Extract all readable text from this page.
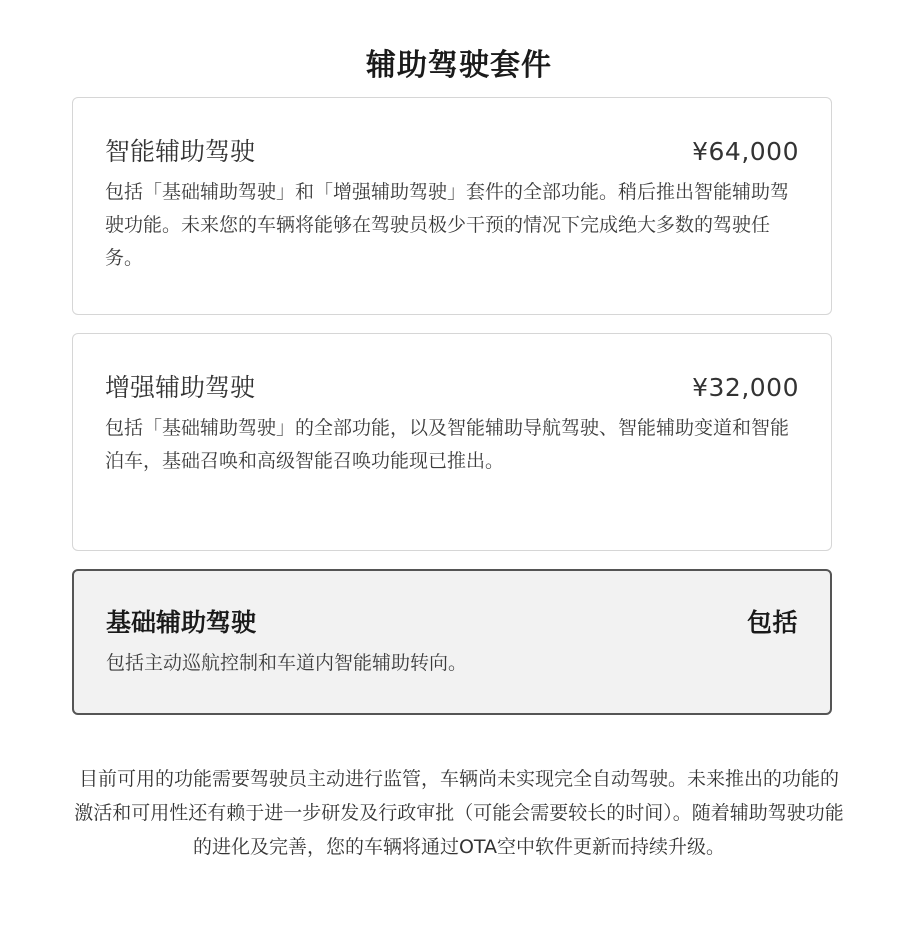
辅助驾驶套件
智能辅助驾驶	¥64,000
包括「基础辅助驾驶」和「增强辅助驾驶」套件的全部功能。稍后推出智能辅助驾驶功能。未来您的车辆将能够在驾驶员极少干预的情况下完成绝大多数的驾驶任务。
增强辅助驾驶	¥32,000
包括「基础辅助驾驶」的全部功能，以及智能辅助导航驾驶、智能辅助变道和智能泊车，基础召唤和高级智能召唤功能现已推出。
基础辅助驾驶	包括
包括主动巡航控制和车道内智能辅助转向。
目前可用的功能需要驾驶员主动进行监管，车辆尚未实现完全自动驾驶。未来推出的功能的激活和可用性还有赖于进一步研发及行政审批（可能会需要较长的时间）。随着辅助驾驶功能的进化及完善，您的车辆将通过OTA空中软件更新而持续升级。
